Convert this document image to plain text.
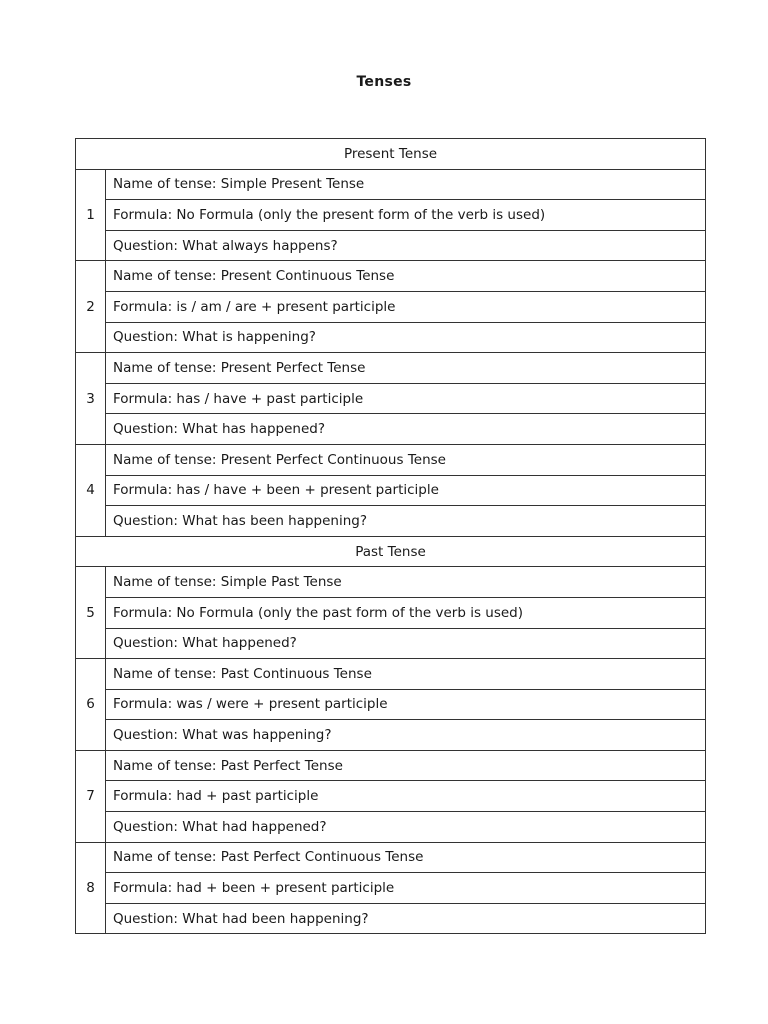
Tenses
Present Tense	
1	Name of tense: Simple Present Tense
	Formula: No Formula (only the present form of the verb is used)
	Question: What always happens?
2	Name of tense: Present Continuous Tense
	Formula: is / am / are + present participle
	Question: What is happening?
3	Name of tense: Present Perfect Tense
	Formula: has / have + past participle
	Question: What has happened?
4	Name of tense: Present Perfect Continuous Tense
	Formula: has / have + been + present participle
	Question: What has been happening?
Past Tense	
5	Name of tense: Simple Past Tense
	Formula: No Formula (only the past form of the verb is used)
	Question: What happened?
6	Name of tense: Past Continuous Tense
	Formula: was / were + present participle
	Question: What was happening?
7	Name of tense: Past Perfect Tense
	Formula: had + past participle
	Question: What had happened?
8	Name of tense: Past Perfect Continuous Tense
	Formula: had + been + present participle
	Question: What had been happening?
